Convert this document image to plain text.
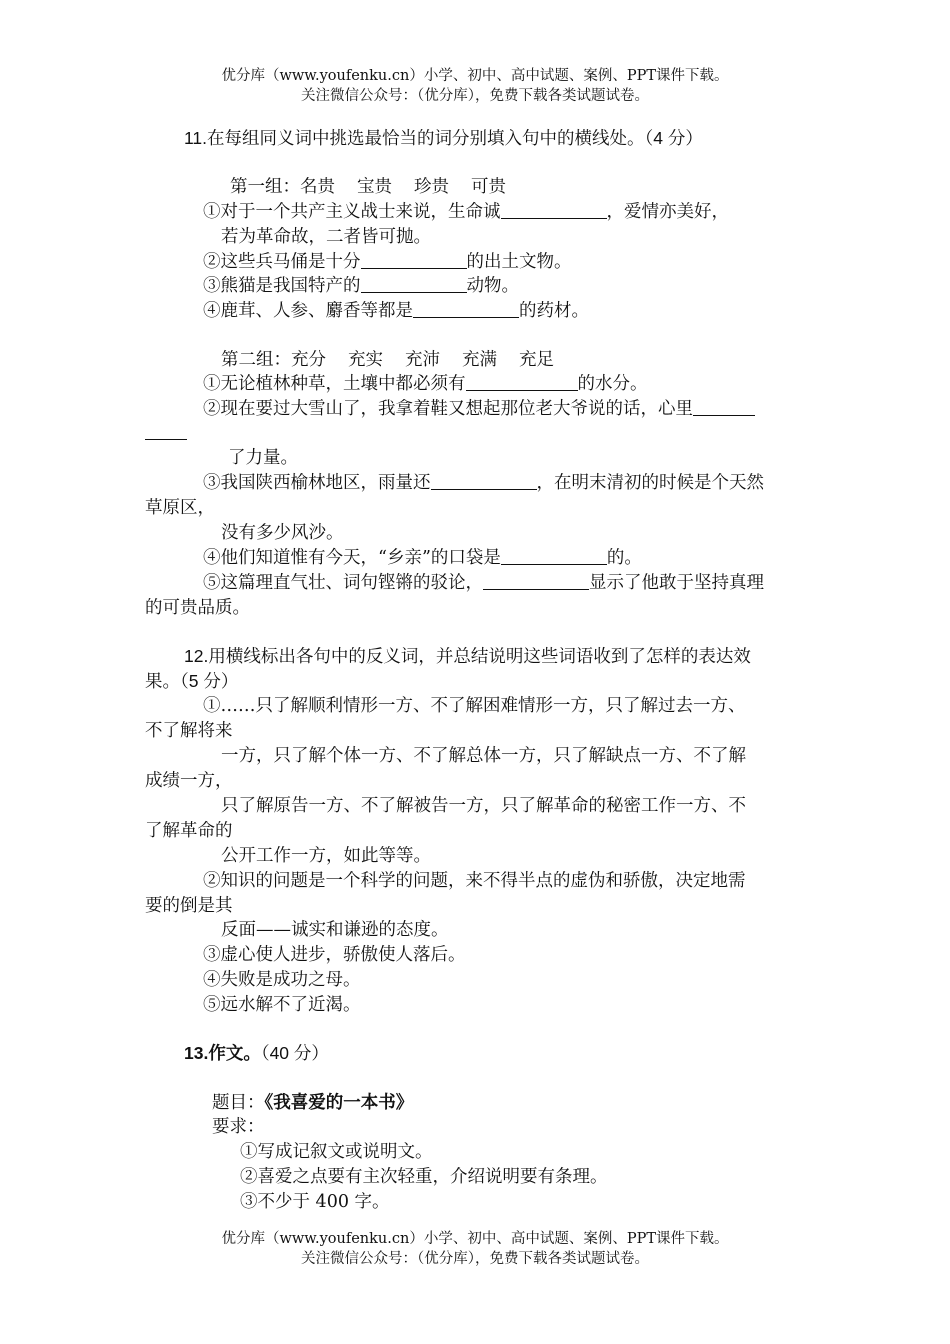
优分库（www.youfenku.cn）小学、初中、高中试题、案例、PPT课件下载。
关注微信公众号：（优分库），免费下载各类试题试卷。
11.在每组同义词中挑选最恰当的词分别填入句中的横线处。（4 分）
第一组：名贵 宝贵 珍贵 可贵
①对于一个共产主义战士来说，生命诚	，爱情亦美好，
若为革命故，二者皆可抛。
②这些兵马俑是十分	的出土文物。
③熊猫是我国特产的	动物。
④鹿茸、人参、麝香等都是	的药材。
第二组：充分 充实 充沛 充满 充足
①无论植林种草，土壤中都必须有	的水分。
②现在要过大雪山了，我拿着鞋又想起那位老大爷说的话，心里
了力量。
③我国陕西榆林地区，雨量还	，在明末清初的时候是个天然
草原区，
没有多少风沙。
④他们知道惟有今天，“乡亲”的口袋是	的。
⑤这篇理直气壮、词句铿锵的驳论，	显示了他敢于坚持真理
的可贵品质。
12.用横线标出各句中的反义词，并总结说明这些词语收到了怎样的表达效
果。（5 分）
①……只了解顺利情形一方、不了解困难情形一方，只了解过去一方、
不了解将来
一方，只了解个体一方、不了解总体一方，只了解缺点一方、不了解
成绩一方，
只了解原告一方、不了解被告一方，只了解革命的秘密工作一方、不
了解革命的
公开工作一方，如此等等。
②知识的问题是一个科学的问题，来不得半点的虚伪和骄傲，决定地需
要的倒是其
反面——诚实和谦逊的态度。
③虚心使人进步，骄傲使人落后。
④失败是成功之母。
⑤远水解不了近渴。
13.作文。（40 分）
题目：《我喜爱的一本书》
要求：
①写成记叙文或说明文。
②喜爱之点要有主次轻重，介绍说明要有条理。
③不少于 400 字。
优分库（www.youfenku.cn）小学、初中、高中试题、案例、PPT课件下载。
关注微信公众号：（优分库），免费下载各类试题试卷。
